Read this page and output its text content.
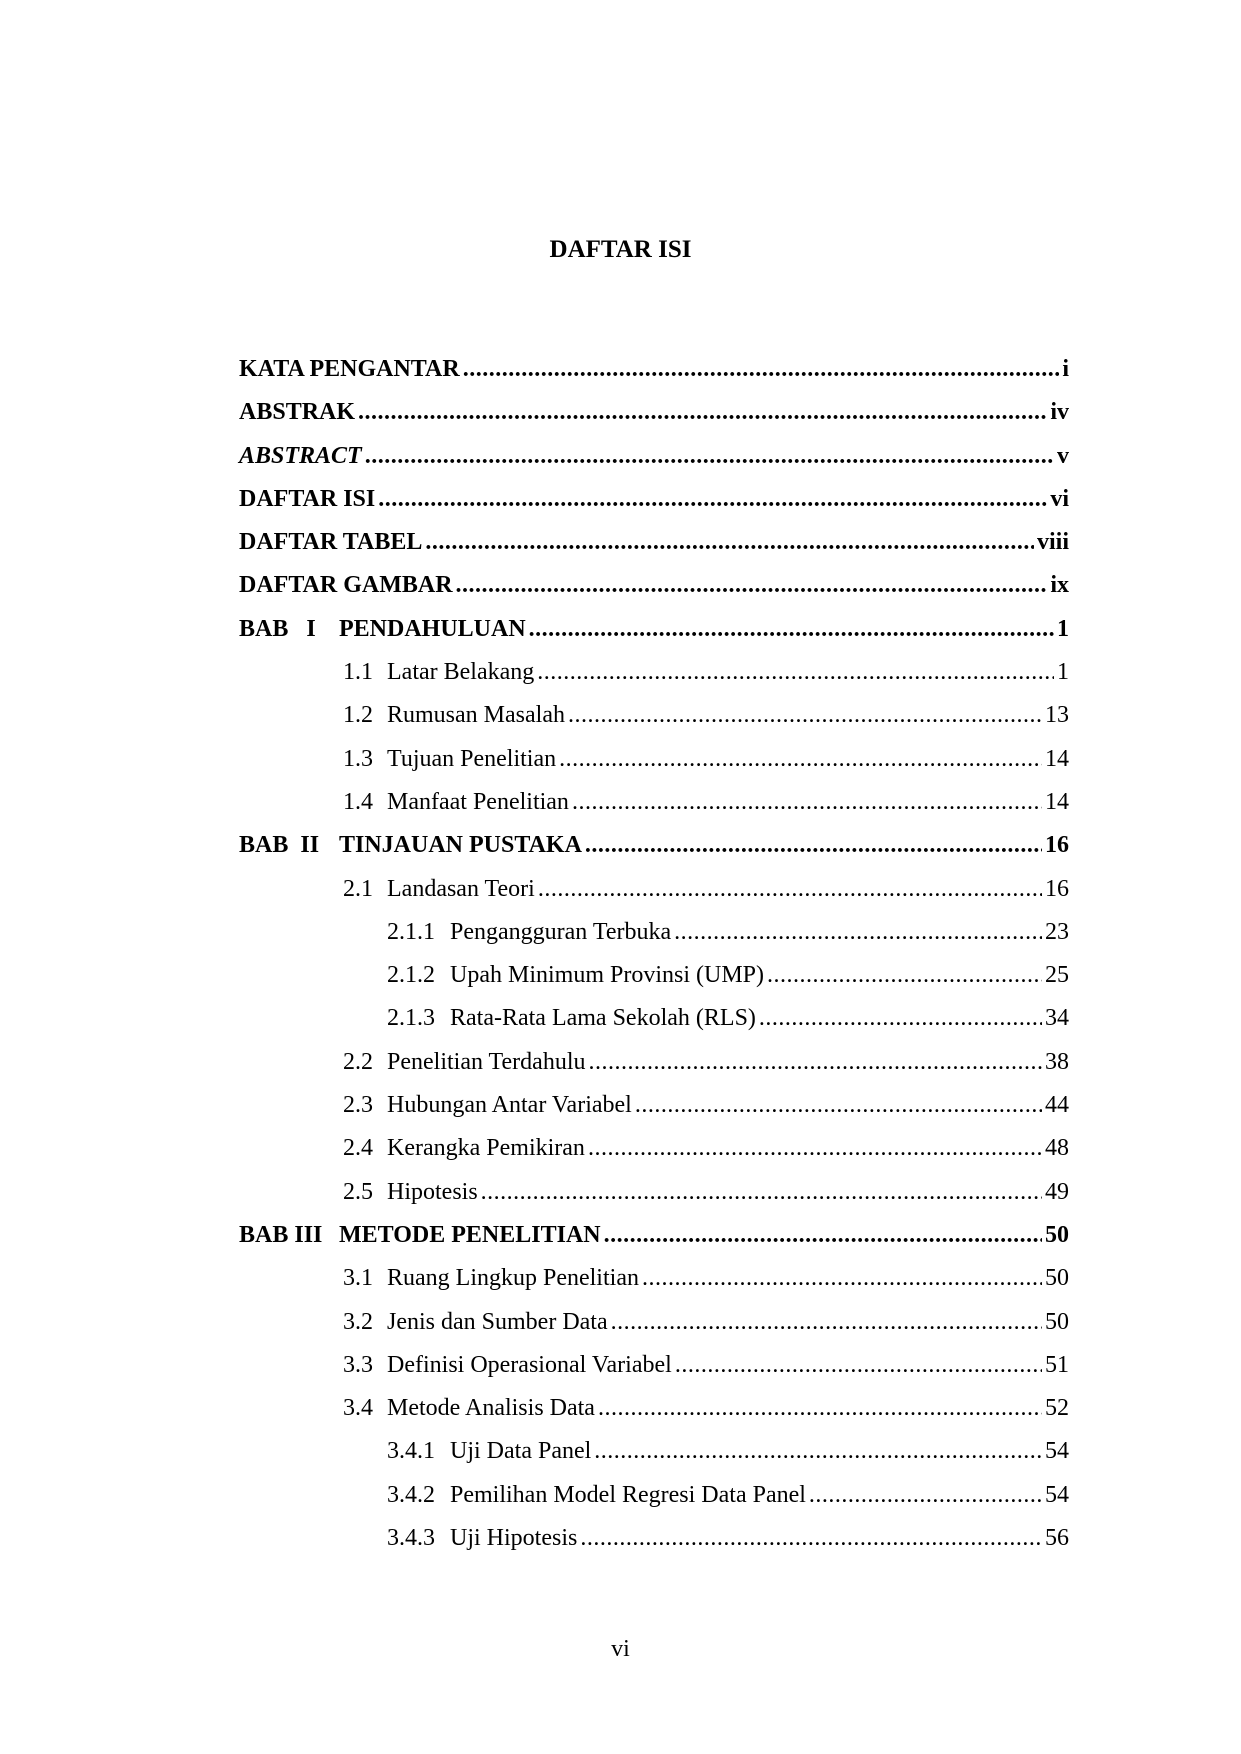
DAFTAR ISI
KATA PENGANTAR .....	i
ABSTRAK .....	iv
ABSTRACT .....	v
DAFTAR ISI .....	vi
DAFTAR TABEL .....	viii
DAFTAR GAMBAR .....	ix
BAB   I PENDAHULUAN .....	1
1.1 Latar Belakang .....	1
1.2 Rumusan Masalah .....	13
1.3 Tujuan Penelitian .....	14
1.4 Manfaat Penelitian .....	14
BAB  II TINJAUAN PUSTAKA .....	16
2.1 Landasan Teori .....	16
2.1.1 Pengangguran Terbuka .....	23
2.1.2 Upah Minimum Provinsi (UMP) .....	25
2.1.3 Rata-Rata Lama Sekolah (RLS) .....	34
2.2 Penelitian Terdahulu .....	38
2.3 Hubungan Antar Variabel .....	44
2.4 Kerangka Pemikiran .....	48
2.5 Hipotesis .....	49
BAB III METODE PENELITIAN .....	50
3.1 Ruang Lingkup Penelitian .....	50
3.2 Jenis dan Sumber Data .....	50
3.3 Definisi Operasional Variabel .....	51
3.4 Metode Analisis Data .....	52
3.4.1 Uji Data Panel .....	54
3.4.2 Pemilihan Model Regresi Data Panel .....	54
3.4.3 Uji Hipotesis .....	56
vi
